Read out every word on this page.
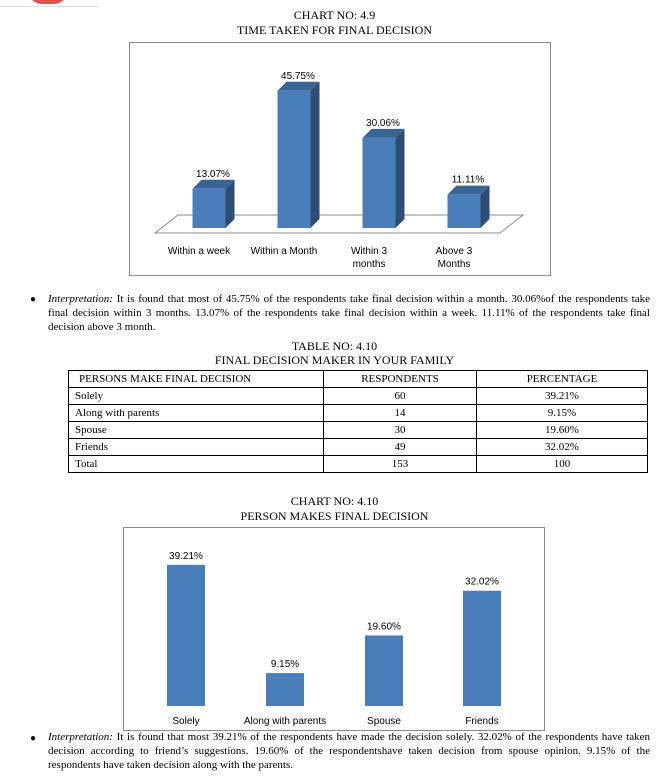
CHART NO: 4.9
TIME TAKEN FOR FINAL DECISION
13.07%
Within a week
45.75%
Within a Month
30.06%
Within 3
months
11.11%
Above 3
Months
● Interpretation: It is found that most of 45.75% of the respondents take final decision within a month. 30.06%of the respondents take final decision within 3 months. 13.07% of the respondents take final decision within a week. 11.11% of the respondents take final decision above 3 month.
TABLE NO: 4.10
FINAL DECISION MAKER IN YOUR FAMILY
PERSONS MAKE FINAL DECISION	RESPONDENTS	PERCENTAGE
Solely	60	39.21%
Along with parents	14	9.15%
Spouse	30	19.60%
Friends	49	32.02%
Total	153	100
CHART NO: 4.10
PERSON MAKES FINAL DECISION
39.21%
Solely
9.15%
Along with parents
19.60%
Spouse
32.02%
Friends
● Interpretation: It is found that most 39.21% of the respondents have made the decision solely. 32.02% of the respondents have taken decision according to friend’s suggestions. 19.60% of the respondentshave taken decision from spouse opinion. 9.15% of the respondents have taken decision along with the parents.
